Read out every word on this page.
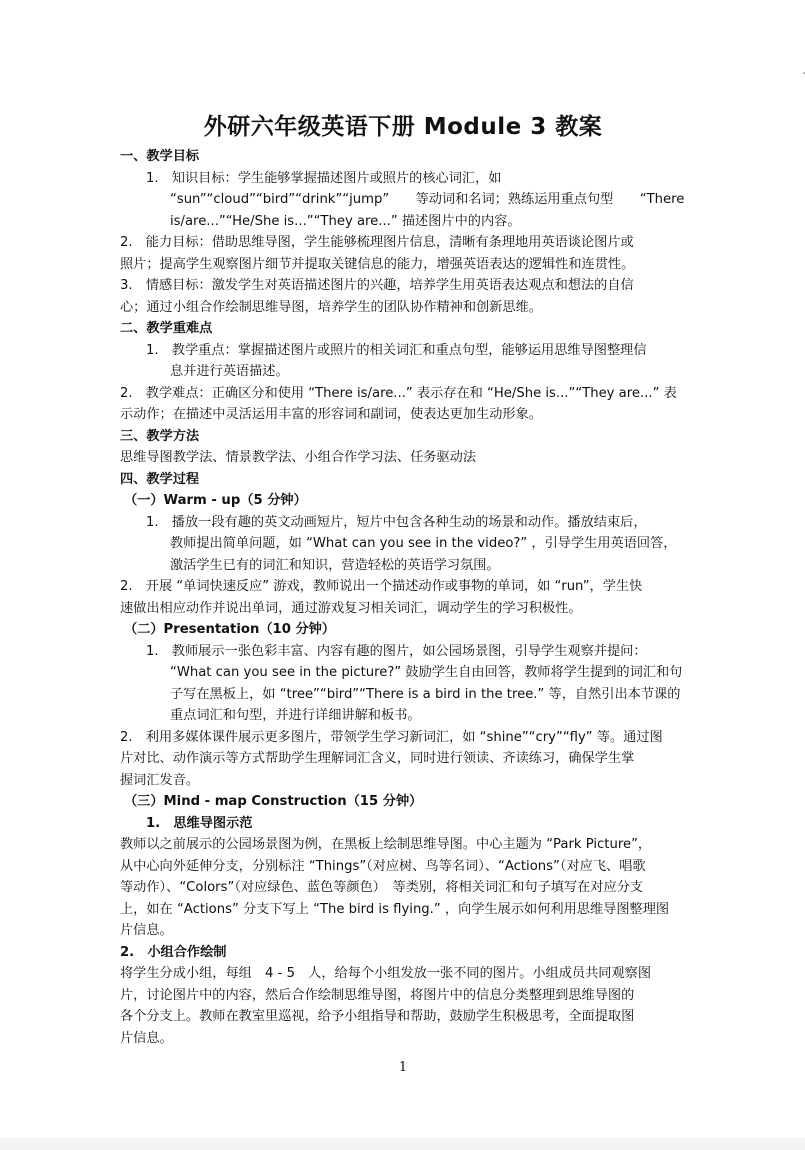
外研六年级英语下册 Module 3 教案
一、教学目标
1.　知识目标：学生能够掌握描述图片或照片的核心词汇，如
“sun”“cloud”“bird”“drink”“jump”　　等动词和名词；熟练运用重点句型　　“There
is/are...”“He/She is...”“They are...” 描述图片中的内容。
2.　能力目标：借助思维导图，学生能够梳理图片信息，清晰有条理地用英语谈论图片或
照片；提高学生观察图片细节并提取关键信息的能力，增强英语表达的逻辑性和连贯性。
3.　情感目标：激发学生对英语描述图片的兴趣，培养学生用英语表达观点和想法的自信
心；通过小组合作绘制思维导图，培养学生的团队协作精神和创新思维。
二、教学重难点
1.　教学重点：掌握描述图片或照片的相关词汇和重点句型，能够运用思维导图整理信
息并进行英语描述。
2.　教学难点：正确区分和使用 “There is/are...” 表示存在和 “He/She is...”“They are...” 表
示动作；在描述中灵活运用丰富的形容词和副词，使表达更加生动形象。
三、教学方法
思维导图教学法、情景教学法、小组合作学习法、任务驱动法
四、教学过程
（一）Warm - up（5 分钟）
1.　播放一段有趣的英文动画短片，短片中包含各种生动的场景和动作。播放结束后，
教师提出简单问题，如 “What can you see in the video?” ，引导学生用英语回答，
激活学生已有的词汇和知识，营造轻松的英语学习氛围。
2.　开展 “单词快速反应” 游戏，教师说出一个描述动作或事物的单词，如 “run”，学生快
速做出相应动作并说出单词，通过游戏复习相关词汇，调动学生的学习积极性。
（二）Presentation（10 分钟）
1.　教师展示一张色彩丰富、内容有趣的图片，如公园场景图，引导学生观察并提问：
“What can you see in the picture?” 鼓励学生自由回答，教师将学生提到的词汇和句
子写在黑板上，如 “tree”“bird”“There is a bird in the tree.” 等，自然引出本节课的
重点词汇和句型，并进行详细讲解和板书。
2.　利用多媒体课件展示更多图片，带领学生学习新词汇，如 “shine”“cry”“fly” 等。通过图
片对比、动作演示等方式帮助学生理解词汇含义，同时进行领读、齐读练习，确保学生掌
握词汇发音。
（三）Mind - map Construction（15 分钟）
1.　思维导图示范
教师以之前展示的公园场景图为例，在黑板上绘制思维导图。中心主题为 “Park Picture”，
从中心向外延伸分支，分别标注 “Things”（对应树、鸟等名词）、“Actions”（对应飞、唱歌
等动作）、“Colors”（对应绿色、蓝色等颜色）　等类别，将相关词汇和句子填写在对应分支
上，如在 “Actions” 分支下写上 “The bird is flying.” ，向学生展示如何利用思维导图整理图
片信息。
2.　小组合作绘制
将学生分成小组，每组　4 - 5　人，给每个小组发放一张不同的图片。小组成员共同观察图
片，讨论图片中的内容，然后合作绘制思维导图，将图片中的信息分类整理到思维导图的
各个分支上。教师在教室里巡视，给予小组指导和帮助，鼓励学生积极思考，全面提取图
片信息。
1
